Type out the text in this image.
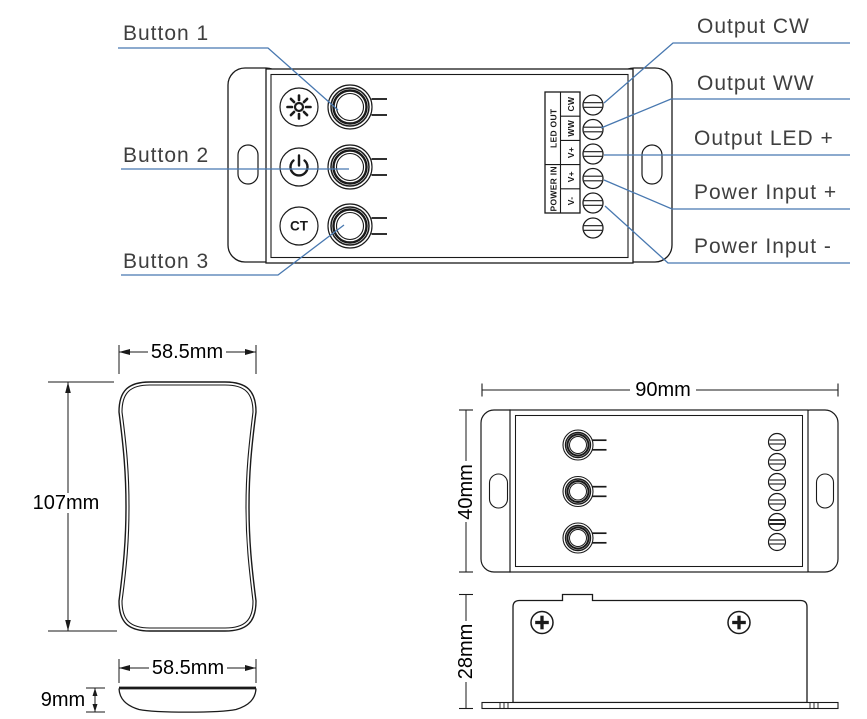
CT
LED OUT
POWER IN
CW
WW
V+
V+
V-
Button 1
Button 2
Button 3
Output CW
Output WW
Output LED +
Power Input +
Power Input -
58.5mm
107mm
58.5mm
9mm
90mm
40mm
28mm
